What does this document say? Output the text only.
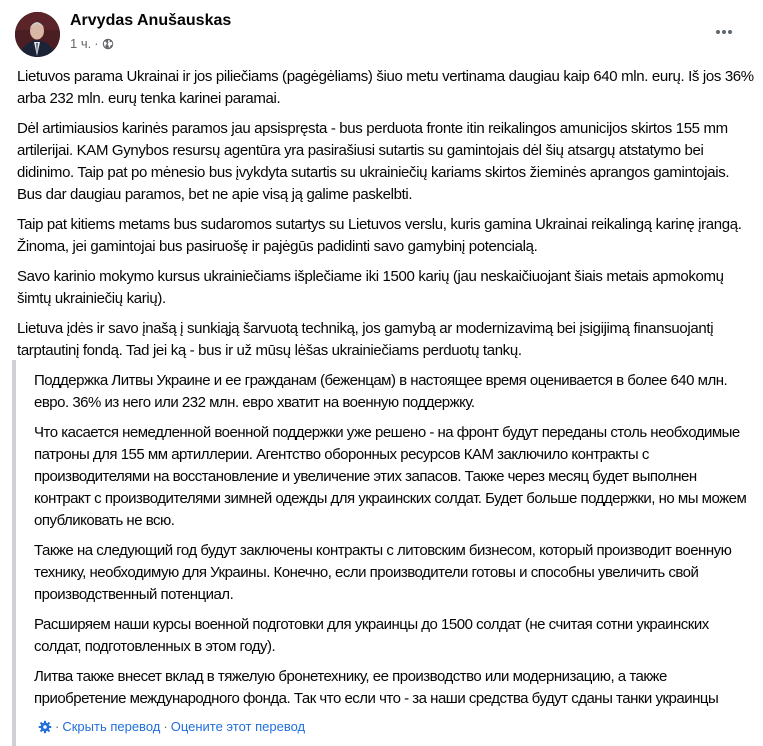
Arvydas Anušauskas
1 ч. ·

Lietuvos parama Ukrainai ir jos piliečiams (pagėgėliams) šiuo metu vertinama daugiau kaip 640 mln. eurų. Iš jos 36% arba 232 mln. eurų tenka karinei paramai.

Dėl artimiausios karinės paramos jau apsispręsta - bus perduota fronte itin reikalingos amunicijos skirtos 155 mm artilerijai. KAM Gynybos resursų agentūra yra pasirašiusi sutartis su gamintojais dėl šių atsargų atstatymo bei didinimo. Taip pat po mėnesio bus įvykdyta sutartis su ukrainiečių kariams skirtos žieminės aprangos gamintojais. Bus dar daugiau paramos, bet ne apie visą ją galime paskelbti.

Taip pat kitiems metams bus sudaromos sutartys su Lietuvos verslu, kuris gamina Ukrainai reikalingą karinę įrangą. Žinoma, jei gamintojai bus pasiruošę ir pajėgūs padidinti savo gamybinį potencialą.

Savo karinio mokymo kursus ukrainiečiams išplečiame iki 1500 karių (jau neskaičiuojant šiais metais apmokomų šimtų ukrainiečių karių).

Lietuva įdės ir savo įnašą į sunkiąją šarvuotą techniką, jos gamybą ar modernizavimą bei įsigijimą finansuojantį tarptautinį fondą. Tad jei ką - bus ir už mūsų lėšas ukrainiečiams perduotų tankų.

Поддержка Литвы Украине и ее гражданам (беженцам) в настоящее время оценивается в более 640 млн. евро. 36% из него или 232 млн. евро хватит на военную поддержку.

Что касается немедленной военной поддержки уже решено - на фронт будут переданы столь необходимые патроны для 155 мм артиллерии. Агентство оборонных ресурсов КАМ заключило контракты с производителями на восстановление и увеличение этих запасов. Также через месяц будет выполнен контракт с производителями зимней одежды для украинских солдат. Будет больше поддержки, но мы можем опубликовать не всю.

Также на следующий год будут заключены контракты с литовским бизнесом, который производит военную технику, необходимую для Украины. Конечно, если производители готовы и способны увеличить свой производственный потенциал.

Расширяем наши курсы военной подготовки для украинцы до 1500 солдат (не считая сотни украинских солдат, подготовленных в этом году).

Литва также внесет вклад в тяжелую бронетехнику, ее производство или модернизацию, а также приобретение международного фонда. Так что если что - за наши средства будут сданы танки украинцы

· Скрыть перевод · Оцените этот перевод
